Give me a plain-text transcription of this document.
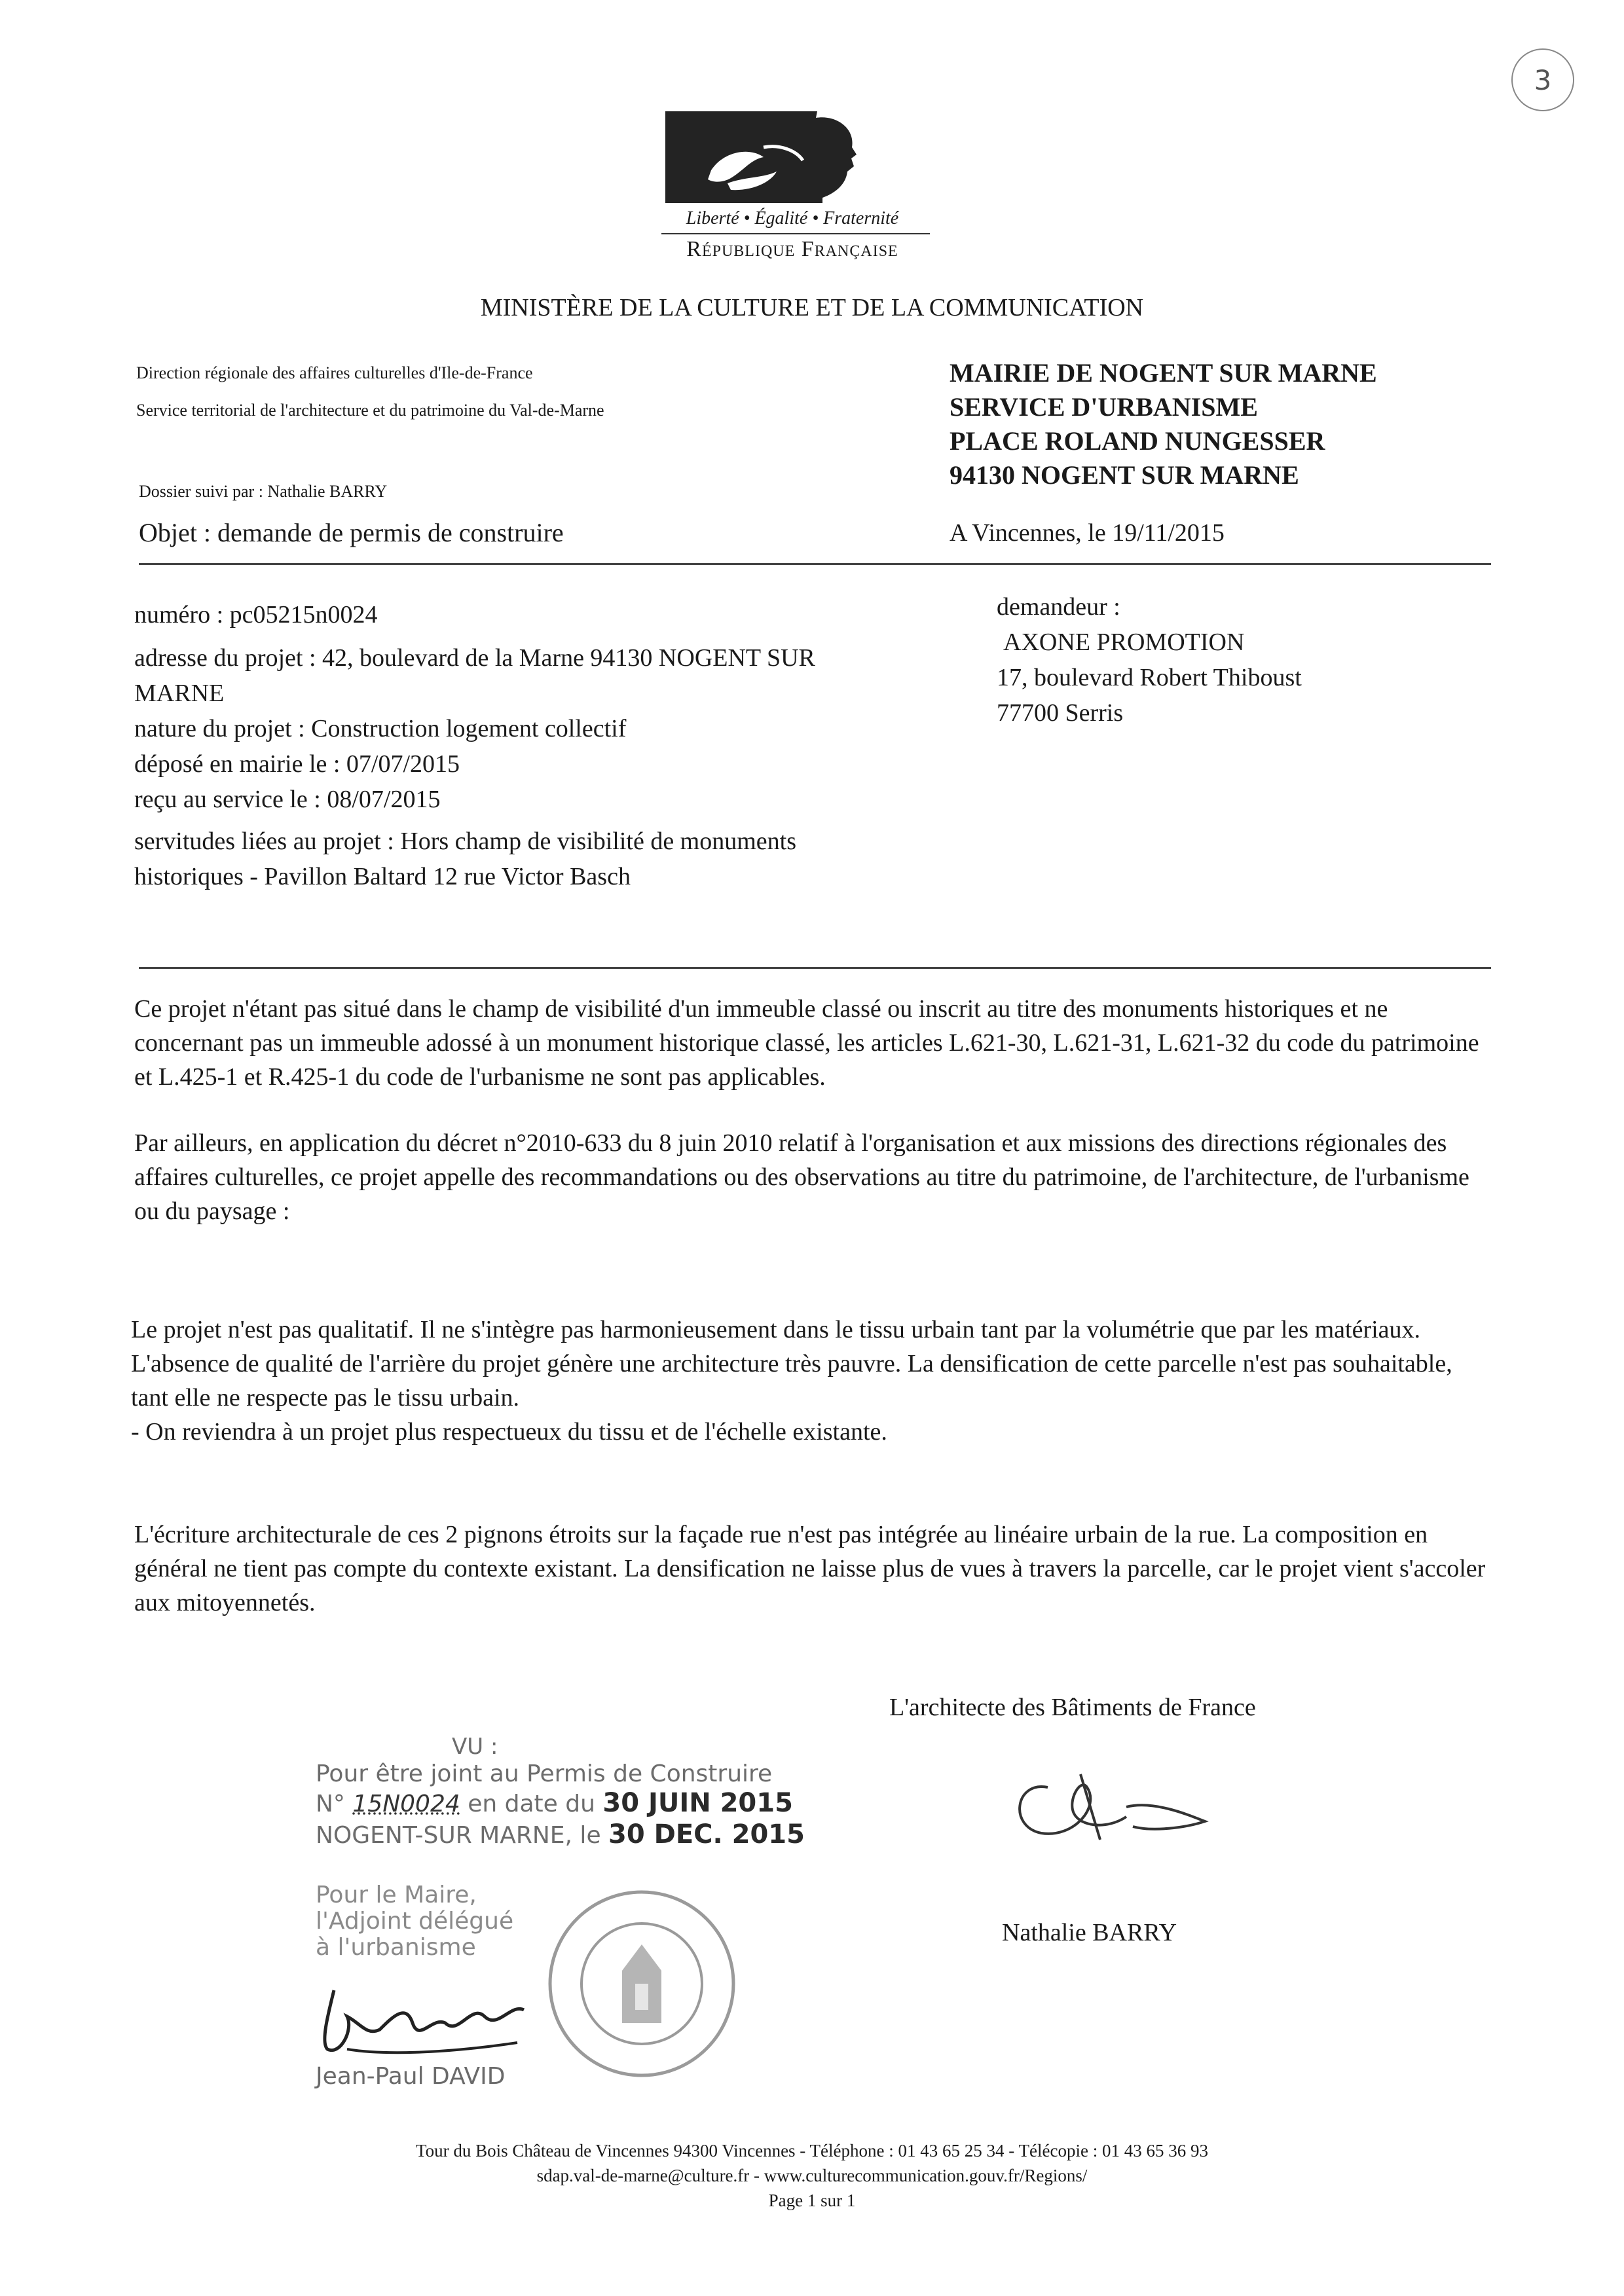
3
Liberté • Égalité • Fraternité
République Française
MINISTÈRE DE LA CULTURE ET DE LA COMMUNICATION
Direction régionale des affaires culturelles d'Ile-de-France
Service territorial de l'architecture et du patrimoine du Val-de-Marne
Dossier suivi par : Nathalie BARRY
Objet : demande de permis de construire
MAIRIE DE NOGENT SUR MARNE
SERVICE D'URBANISME
PLACE ROLAND NUNGESSER
94130 NOGENT SUR MARNE
A Vincennes, le 19/11/2015
numéro : pc05215n0024
adresse du projet : 42, boulevard de la Marne 94130 NOGENT SUR
MARNE
nature du projet : Construction logement collectif
déposé en mairie le : 07/07/2015
reçu au service le : 08/07/2015
servitudes liées au projet : Hors champ de visibilité de monuments
historiques - Pavillon Baltard 12 rue Victor Basch
demandeur :
AXONE PROMOTION
17, boulevard Robert Thiboust
77700 Serris
Ce projet n'étant pas situé dans le champ de visibilité d'un immeuble classé ou inscrit au titre des monuments historiques et ne concernant pas un immeuble adossé à un monument historique classé, les articles L.621-30, L.621-31, L.621-32 du code du patrimoine et L.425-1 et R.425-1 du code de l'urbanisme ne sont pas applicables.
Par ailleurs, en application du décret n°2010-633 du 8 juin 2010 relatif à l'organisation et aux missions des directions régionales des affaires culturelles, ce projet appelle des recommandations ou des observations au titre du patrimoine, de l'architecture, de l'urbanisme ou du paysage :
Le projet n'est pas qualitatif. Il ne s'intègre pas harmonieusement dans le tissu urbain tant par la volumétrie que par les matériaux. L'absence de qualité de l'arrière du projet génère une architecture très pauvre. La densification de cette parcelle n'est pas souhaitable, tant elle ne respecte pas le tissu urbain.
- On reviendra à un projet plus respectueux du tissu et de l'échelle existante.
L'écriture architecturale de ces 2 pignons étroits sur la façade rue n'est pas intégrée au linéaire urbain de la rue. La composition en général ne tient pas compte du contexte existant. La densification ne laisse plus de vues à travers la parcelle, car le projet vient s'accoler aux mitoyennetés.
L'architecte des Bâtiments de France
Nathalie BARRY
VU :
Pour être joint au Permis de Construire
N° 15N0024 en date du 30 JUIN 2015
NOGENT-SUR MARNE, le 30 DEC. 2015
Pour le Maire,
l'Adjoint délégué
à l'urbanisme
Jean-Paul DAVID
Tour du Bois Château de Vincennes 94300 Vincennes - Téléphone : 01 43 65 25 34 - Télécopie : 01 43 65 36 93
sdap.val-de-marne@culture.fr - www.culturecommunication.gouv.fr/Regions/
Page 1 sur 1
